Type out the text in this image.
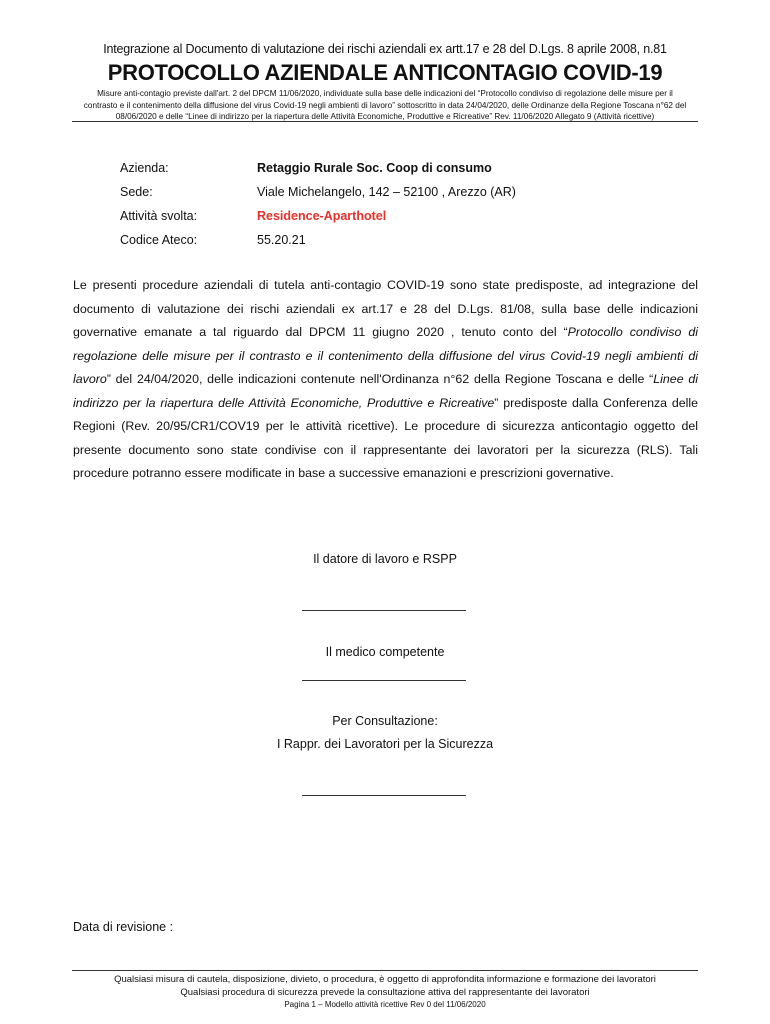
Integrazione al Documento di valutazione dei rischi aziendali ex artt.17 e 28 del D.Lgs. 8 aprile 2008, n.81
PROTOCOLLO AZIENDALE ANTICONTAGIO COVID-19
Misure anti-contagio previste dall'art. 2 del DPCM 11/06/2020, individuate sulla base delle indicazioni del “Protocollo condiviso di regolazione delle misure per il contrasto e il contenimento della diffusione del virus Covid-19 negli ambienti di lavoro” sottoscritto in data 24/04/2020, delle Ordinanze della Regione Toscana n°62 del 08/06/2020 e delle “Linee di indirizzo per la riapertura delle Attività Economiche, Produttive e Ricreative” Rev. 11/06/2020 Allegato 9 (Attività ricettive)
Azienda:	Retaggio Rurale Soc. Coop di consumo
Sede:	Viale Michelangelo, 142 – 52100 , Arezzo (AR)
Attività svolta:	Residence-Aparthotel
Codice Ateco:	55.20.21
Le presenti procedure aziendali di tutela anti-contagio COVID-19 sono state predisposte, ad integrazione del documento di valutazione dei rischi aziendali ex art.17 e 28 del D.Lgs. 81/08, sulla base delle indicazioni governative emanate a tal riguardo dal DPCM 11 giugno 2020 , tenuto conto del “Protocollo condiviso di regolazione delle misure per il contrasto e il contenimento della diffusione del virus Covid-19 negli ambienti di lavoro” del 24/04/2020, delle indicazioni contenute nell'Ordinanza n°62 della Regione Toscana e delle “Linee di indirizzo per la riapertura delle Attività Economiche, Produttive e Ricreative” predisposte dalla Conferenza delle Regioni (Rev. 20/95/CR1/COV19 per le attività ricettive). Le procedure di sicurezza anticontagio oggetto del presente documento sono state condivise con il rappresentante dei lavoratori per la sicurezza (RLS). Tali procedure potranno essere modificate in base a successive emanazioni e prescrizioni governative.
Il datore di lavoro e RSPP
Il medico competente
Per Consultazione:
I Rappr. dei Lavoratori per la Sicurezza
Data di revisione :
Qualsiasi misura di cautela, disposizione, divieto, o procedura, è oggetto di approfondita informazione e formazione dei lavoratori
Qualsiasi procedura di sicurezza prevede la consultazione attiva del rappresentante dei lavoratori
Pagina 1 – Modello attività ricettive Rev 0 del 11/06/2020
